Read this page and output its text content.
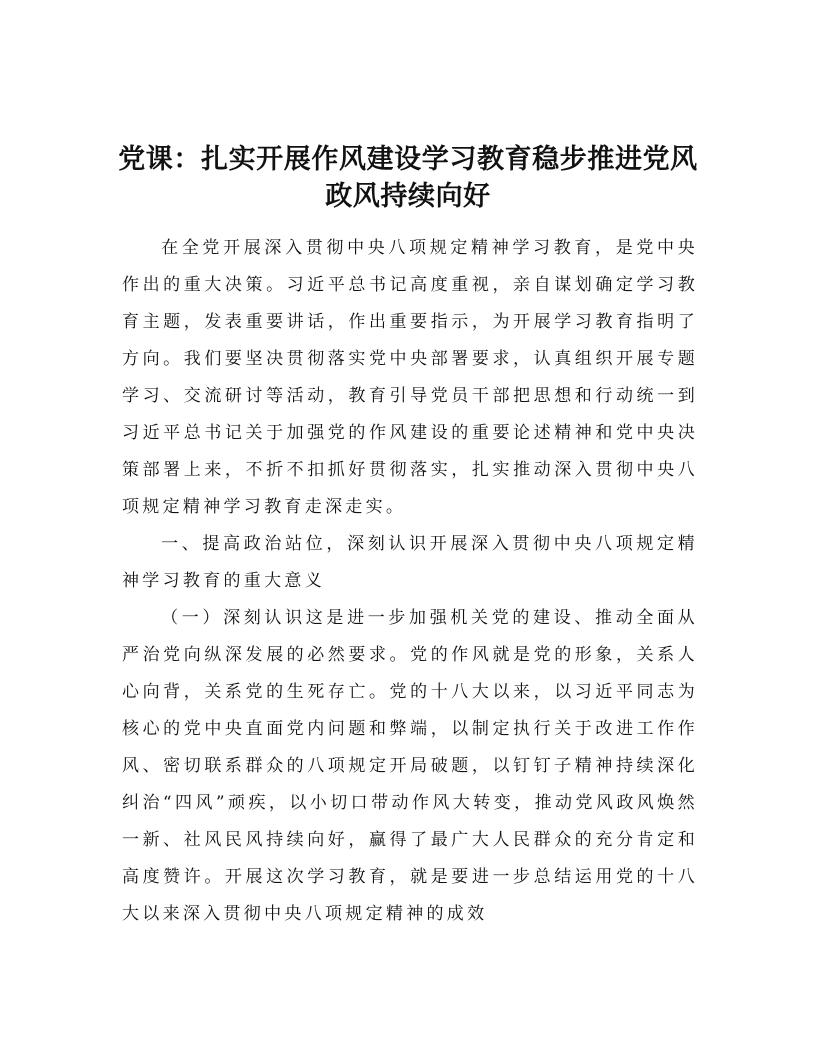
党课：扎实开展作风建设学习教育稳步推进党风政风持续向好

在全党开展深入贯彻中央八项规定精神学习教育，是党中央作出的重大决策。习近平总书记高度重视，亲自谋划确定学习教育主题，发表重要讲话，作出重要指示，为开展学习教育指明了方向。我们要坚决贯彻落实党中央部署要求，认真组织开展专题学习、交流研讨等活动，教育引导党员干部把思想和行动统一到习近平总书记关于加强党的作风建设的重要论述精神和党中央决策部署上来，不折不扣抓好贯彻落实，扎实推动深入贯彻中央八项规定精神学习教育走深走实。

一、提高政治站位，深刻认识开展深入贯彻中央八项规定精神学习教育的重大意义

（一）深刻认识这是进一步加强机关党的建设、推动全面从严治党向纵深发展的必然要求。党的作风就是党的形象，关系人心向背，关系党的生死存亡。党的十八大以来，以习近平同志为核心的党中央直面党内问题和弊端，以制定执行关于改进工作作风、密切联系群众的八项规定开局破题，以钉钉子精神持续深化纠治“四风”顽疾，以小切口带动作风大转变，推动党风政风焕然一新、社风民风持续向好，赢得了最广大人民群众的充分肯定和高度赞许。开展这次学习教育，就是要进一步总结运用党的十八大以来深入贯彻中央八项规定精神的成效
